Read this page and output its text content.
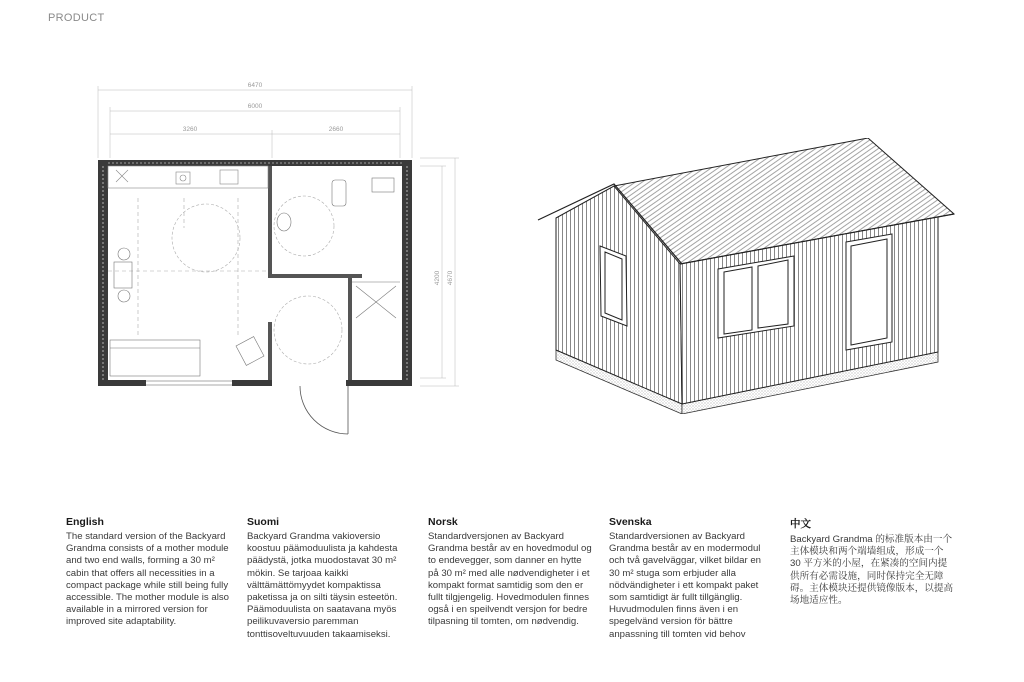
PRODUCT
6470
6000
3260	2660
4200 4670
English

The standard version of the Backyard Grandma consists of a mother module and two end walls, forming a 30 m² cabin that offers all necessities in a compact package while still being fully accessible. The mother module is also available in a mirrored version for improved site adaptability.

Suomi

Backyard Grandma vakioversio koostuu päämoduulista ja kahdesta päädystä, jotka muodostavat 30 m² mökin. Se tarjoaa kaikki välttämättömyydet kompaktissa paketissa ja on silti täysin esteetön. Päämoduulista on saatavana myös peilikuvaversio paremman tonttisoveltuvuuden takaamiseksi.

Norsk

Standardversjonen av Backyard Grandma består av en hovedmodul og to endevegger, som danner en hytte på 30 m² med alle nødvendigheter i et kompakt format samtidig som den er fullt tilgjengelig. Hovedmodulen finnes også i en speilvendt versjon for bedre tilpasning til tomten, om nødvendig.

Svenska

Standardversionen av Backyard Grandma består av en modermodul och två gavelväggar, vilket bildar en 30 m² stuga som erbjuder alla nödvändigheter i ett kompakt paket som samtidigt är fullt tillgänglig. Huvudmodulen finns även i en spegelvänd version för bättre anpassning till tomten vid behov

中文

Backyard Grandma 的标准版本由一个主体模块和两个端墙组成，形成一个 30 平方米的小屋，在紧凑的空间内提供所有必需设施，同时保持完全无障碍。主体模块还提供镜像版本，以提高场地适应性。
